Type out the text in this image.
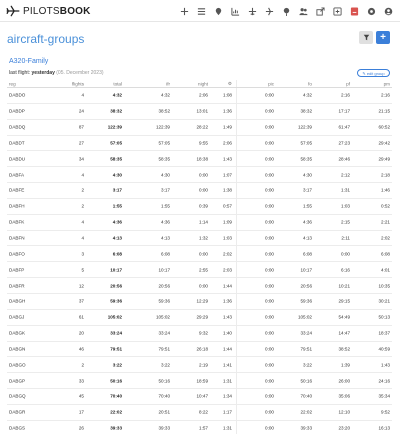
PILOTSBOOK
aircraft-groups	+
A320-Family
last flight: yesterday (05. December 2023)	✎ edit group
reg	flights	total	ifr	night	⚙	pic	fo	pf	pm
DABDO	4	4:32	4:32	2:06	1:08	0:00	4:32	2:16	2:16
DABDP	24	38:32	38:52	13:01	1:36	0:00	38:32	17:17	21:15
DABDQ	87	122:39	122:39	28:22	1:49	0:00	122:39	61:47	60:52
DABDT	27	57:05	57:05	9:55	2:06	0:00	57:05	27:23	29:42
DABDU	34	58:35	58:35	18:38	1:43	0:00	58:35	28:46	29:49
DABFA	4	4:30	4:30	0:00	1:07	0:00	4:30	2:12	2:18
DABFE	2	3:17	3:17	0:00	1:38	0:00	3:17	1:31	1:46
DABFH	2	1:55	1:55	0:39	0:57	0:00	1:55	1:03	0:52
DABFK	4	4:36	4:36	1:14	1:09	0:00	4:36	2:15	2:21
DABFN	4	4:13	4:13	1:32	1:03	0:00	4:13	2:11	2:02
DABFO	3	6:08	6:08	0:00	2:02	0:00	6:08	0:00	6:08
DABFP	5	10:17	10:17	2:55	2:03	0:00	10:17	6:16	4:01
DABFR	12	20:56	20:56	0:00	1:44	0:00	20:56	10:21	10:35
DABGH	37	59:36	59:36	12:29	1:36	0:00	59:36	29:15	30:21
DABGJ	61	105:02	105:02	29:29	1:43	0:00	105:02	54:49	50:13
DABGK	20	33:24	33:24	9:32	1:40	0:00	33:24	14:47	18:37
DABGN	46	79:51	79:51	26:18	1:44	0:00	79:51	38:52	40:59
DABGO	2	3:22	3:22	2:19	1:41	0:00	3:22	1:39	1:43
DABGP	33	50:16	50:16	18:59	1:31	0:00	50:16	26:00	24:16
DABGQ	45	70:40	70:40	10:47	1:34	0:00	70:40	35:06	35:34
DABGR	17	22:02	20:51	8:22	1:17	0:00	22:02	12:10	9:52
DABGS	26	39:33	39:33	1:57	1:31	0:00	39:33	23:20	16:13
